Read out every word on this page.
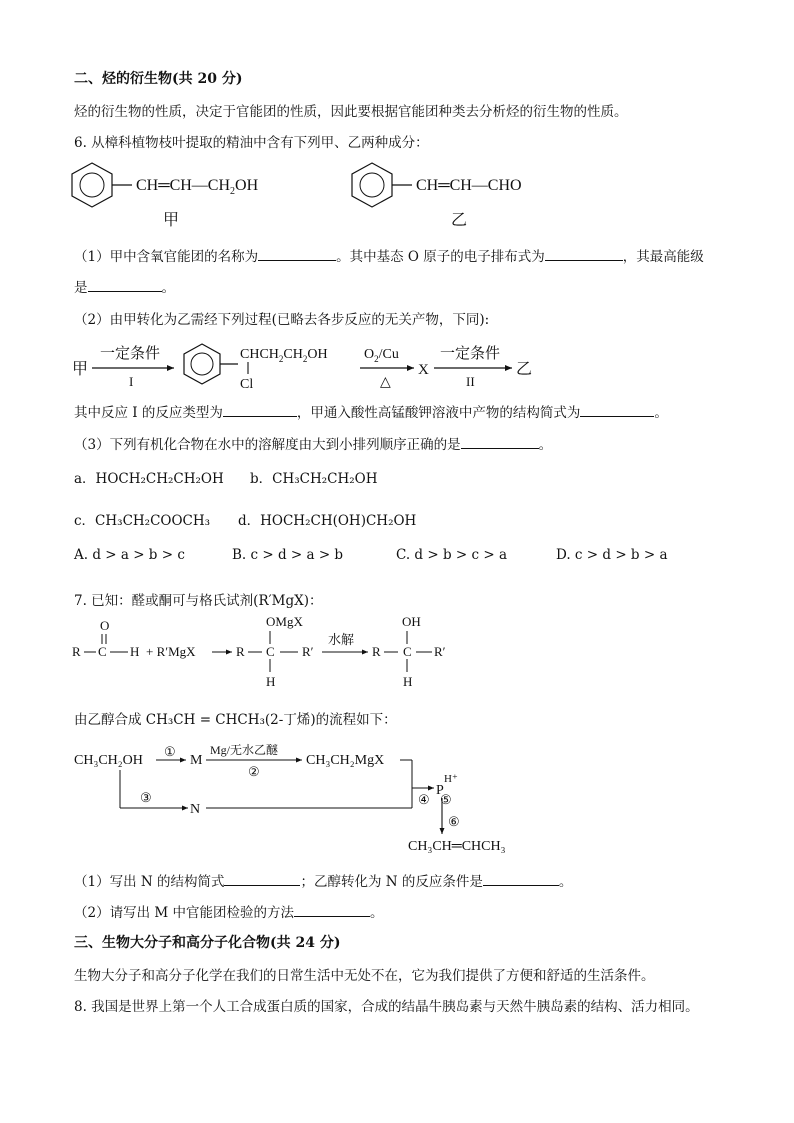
二、烃的衍生物(共 20 分)
烃的衍生物的性质，决定于官能团的性质，因此要根据官能团种类去分析烃的衍生物的性质。
6. 从樟科植物枝叶提取的精油中含有下列甲、乙两种成分：
$CH═CH—CH_2OH$
甲
CH═CH—CHO
乙
（1）甲中含氧官能团的名称为	。其中基态 O 原子的电子排布式为	，其最高能级
是	。
（2）由甲转化为乙需经下列过程(已略去各步反应的无关产物，下同):
甲
一定条件
I
$CHCH_2CH_2OH$
Cl
$O_2/Cu$
△
X
一定条件
II
乙
其中反应 I 的反应类型为	，甲通入酸性高锰酸钾溶液中产物的结构简式为	。
（3）下列有机化合物在水中的溶解度由大到小排列顺序正确的是	。
a．HOCH₂CH₂CH₂OH b．CH₃CH₂CH₂OH
c．CH₃CH₂COOCH₃ d．HOCH₂CH(OH)CH₂OH
A. d > a > b > c	B. c > d > a > b	C. d > b > c > a	D. c > d > b > a
7. 已知：醛或酮可与格氏试剂(R′MgX)：
O
R C H + R′MgX	R
OMgX
C
H
R′
水解
R
OH
C
H
R′
由乙醇合成 CH₃CH = CHCH₃(2-丁烯)的流程如下：
CH₃CH₂OH
①
M
Mg/无水乙醚
②
CH₃CH₂MgX
③
N
④ ⑤
H⁺
P
⑥
CH₃CH═CHCH₃
（1）写出 N 的结构简式	；乙醇转化为 N 的反应条件是	。
（2）请写出 M 中官能团检验的方法	。
三、生物大分子和高分子化合物(共 24 分)
生物大分子和高分子化学在我们的日常生活中无处不在，它为我们提供了方便和舒适的生活条件。
8. 我国是世界上第一个人工合成蛋白质的国家，合成的结晶牛胰岛素与天然牛胰岛素的结构、活力相同。
